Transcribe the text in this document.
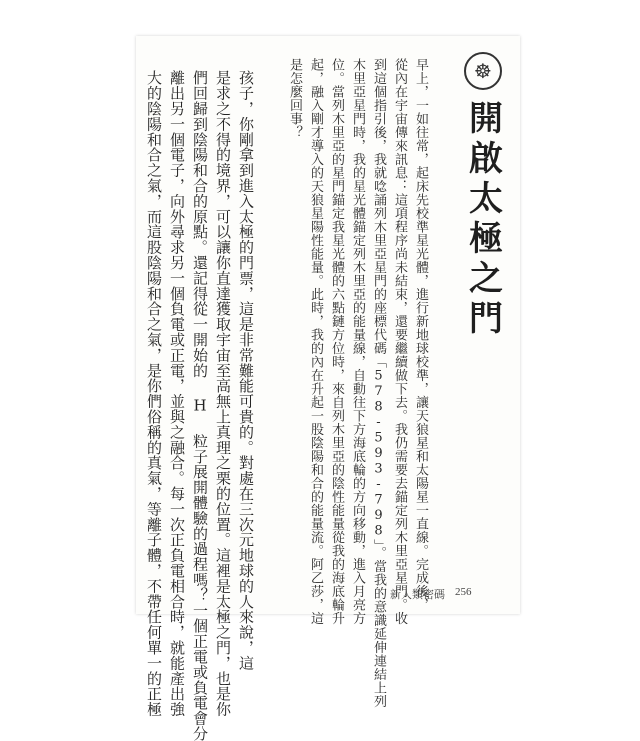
☸
開啟太極之門

早上，一如往常，起床先校準星光體，進行新地球校準，讓天狼星和太陽星一直線。完成後，
從內在宇宙傳來訊息：這項程序尚未結束，還要繼續做下去。我仍需要去錨定列木里亞星門。收
到這個指引後，我就唸誦列木里亞星門的座標代碼「578-593-798」。當我的意識延伸連結上列
木里亞星門時，我的星光體錨定列木里亞的能量線，自動往下方海底輪的方向移動，進入月亮方
位。當列木里亞的星門錨定我星光體的六點鏈方位時，來自列木里亞的陰性能量從我的海底輪升
起，融入剛才導入的天狼星陽性能量。此時，我的內在升起一股陰陽和合的能量流。阿乙莎，這
是怎麼回事？

孩子，你剛拿到進入太極的門票，這是非常難能可貴的。對處在三次元地球的人來說，這
是求之不得的境界，可以讓你直達獲取宇宙至高無上真理之栗的位置。這裡是太極之門，也是你
們回歸到陰陽和合的原點。還記得從一開始的 H 粒子展開體驗的過程嗎？一個正電或負電會分
離出另一個電子，向外尋求另一個負電或正電，並與之融合。每一次正負電相合時，就能產出強
大的陰陽和合之氣，而這股陰陽和合之氣，是你們俗稱的真氣，等離子體，不帶任何單一的正極	新人類密碼 256
